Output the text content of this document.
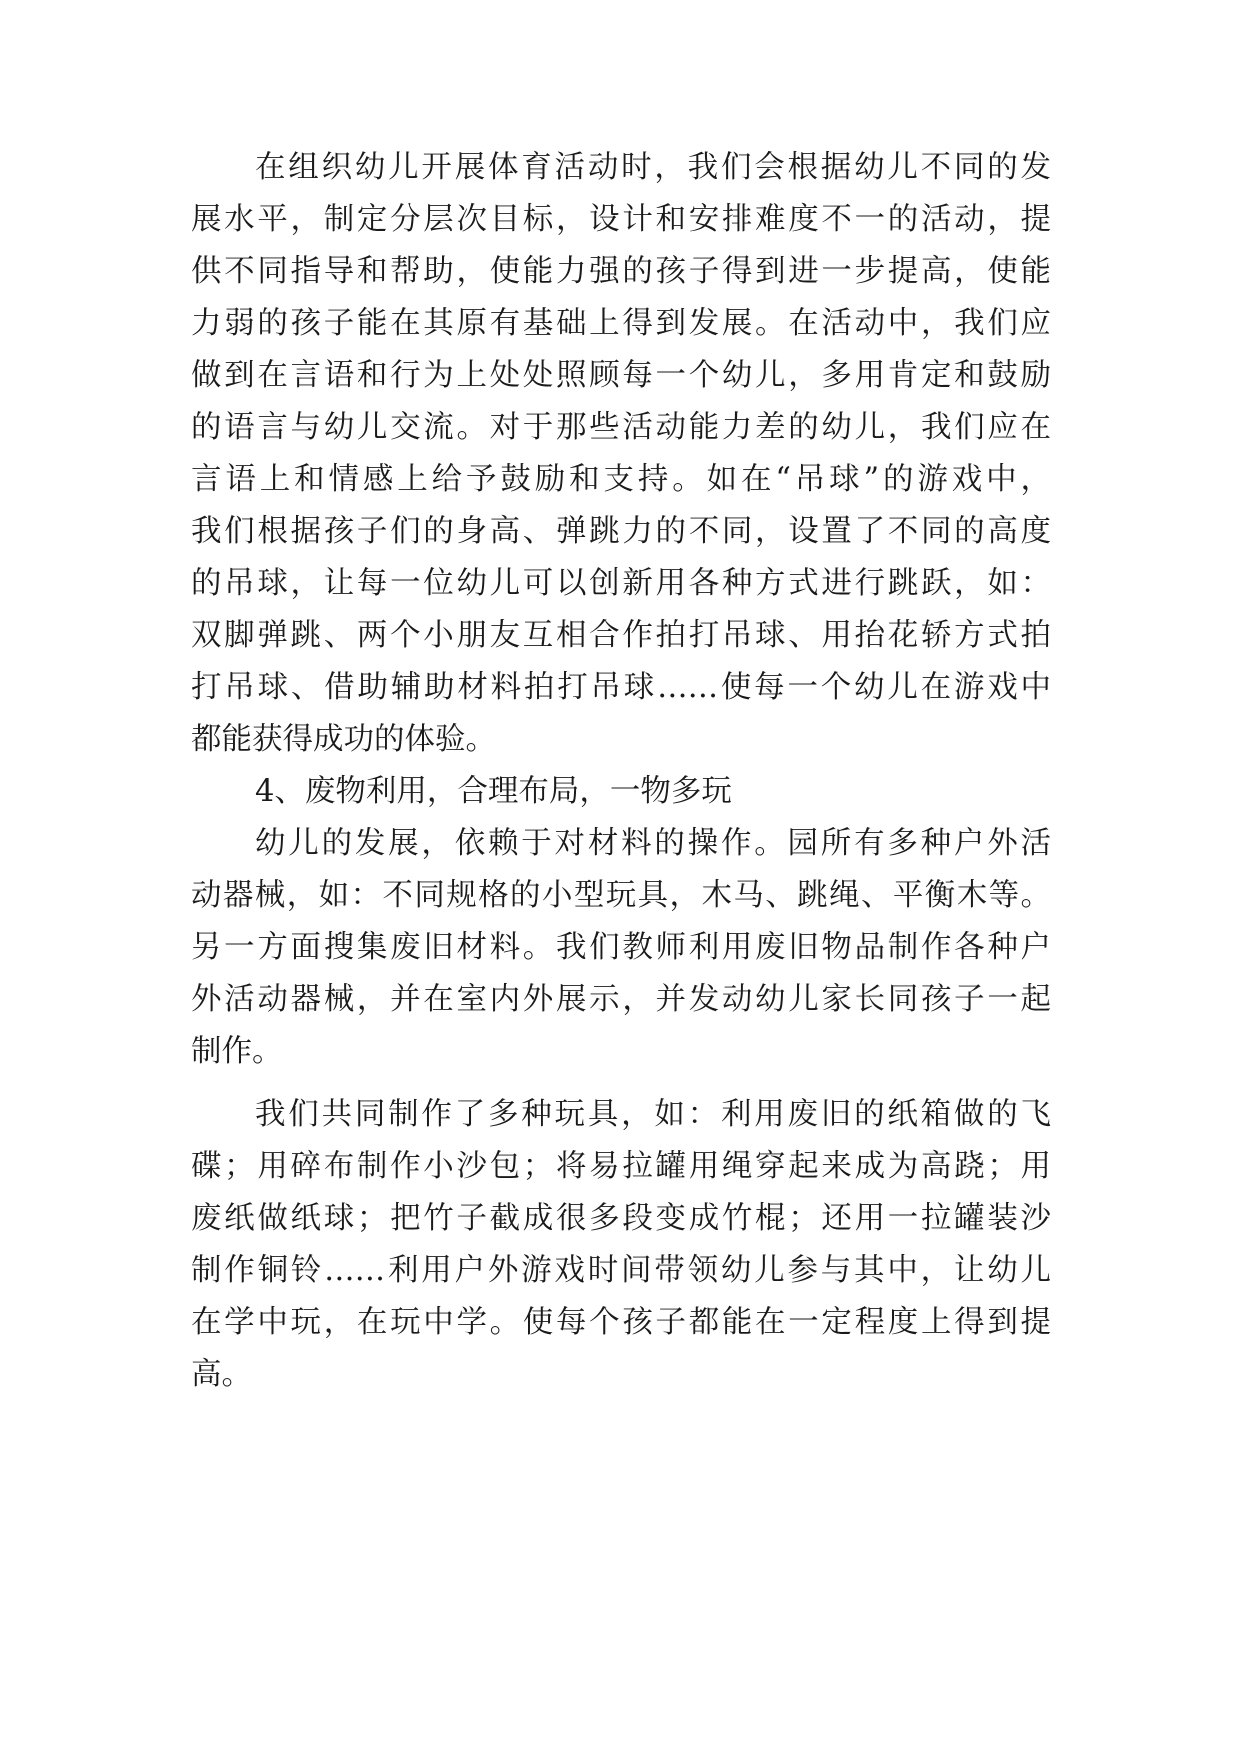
在组织幼儿开展体育活动时，我们会根据幼儿不同的发
展水平，制定分层次目标，设计和安排难度不一的活动，提
供不同指导和帮助，使能力强的孩子得到进一步提高，使能
力弱的孩子能在其原有基础上得到发展。在活动中，我们应
做到在言语和行为上处处照顾每一个幼儿，多用肯定和鼓励
的语言与幼儿交流。对于那些活动能力差的幼儿，我们应在
言语上和情感上给予鼓励和支持。如在“吊球”的游戏中，
我们根据孩子们的身高、弹跳力的不同，设置了不同的高度
的吊球，让每一位幼儿可以创新用各种方式进行跳跃，如：
双脚弹跳、两个小朋友互相合作拍打吊球、用抬花轿方式拍
打吊球、借助辅助材料拍打吊球……使每一个幼儿在游戏中
都能获得成功的体验。
4、废物利用，合理布局，一物多玩
幼儿的发展，依赖于对材料的操作。园所有多种户外活
动器械，如：不同规格的小型玩具，木马、跳绳、平衡木等。
另一方面搜集废旧材料。我们教师利用废旧物品制作各种户
外活动器械，并在室内外展示，并发动幼儿家长同孩子一起
制作。
我们共同制作了多种玩具，如：利用废旧的纸箱做的飞
碟；用碎布制作小沙包；将易拉罐用绳穿起来成为高跷；用
废纸做纸球；把竹子截成很多段变成竹棍；还用一拉罐装沙
制作铜铃……利用户外游戏时间带领幼儿参与其中，让幼儿
在学中玩，在玩中学。使每个孩子都能在一定程度上得到提
高。
